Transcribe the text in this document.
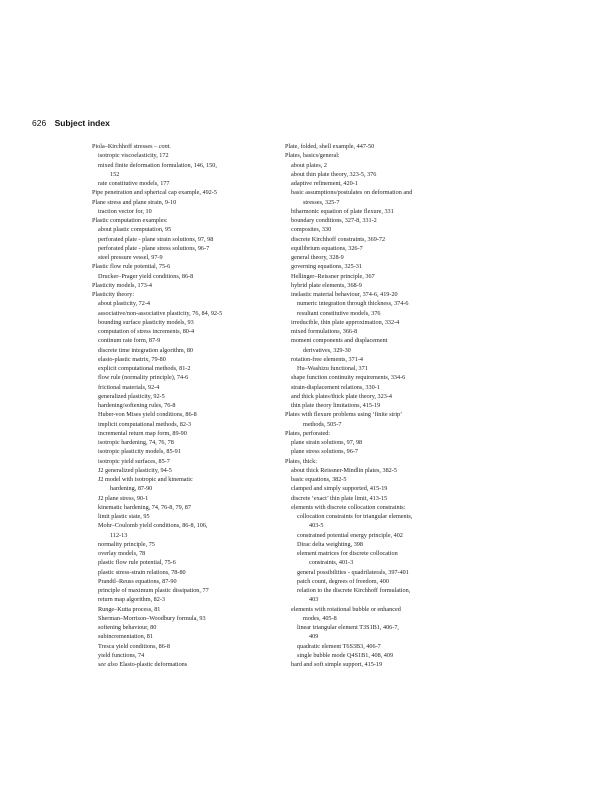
626 Subject index
Piola–Kirchhoff stresses – cont.
isotropic viscoelasticity, 172
mixed finite deformation formulation, 146, 150,
152
rate constitutive models, 177
Pipe penetration and spherical cap example, 492-5
Plane stress and plane strain, 9-10
traction vector for, 10
Plastic computation examples:
about plastic computation, 95
perforated plate - plane strain solutions, 97, 98
perforated plate - plane stress solutions, 96-7
steel pressure vessel, 97-9
Plastic flow rule potential, 75-6
Drucker–Prager yield conditions, 86-8
Plasticity models, 173-4
Plasticity theory:
about plasticity, 72-4
associative/non-associative plasticity, 76, 84, 92-5
bounding surface plasticity models, 93
computation of stress increments, 80-4
continum rate form, 87-9
discrete time integration algorithm, 80
elasto-plastic matrix, 79-80
explicit computational methods, 81-2
flow rule (normality principle), 74-6
frictional materials, 92-4
generalized plasticity, 92-5
hardening/softening rules, 76-8
Huber-von Mises yield conditions, 86-8
implicit computational methods, 82-3
incremental return map form, 89-90
isotropic hardening, 74, 76, 78
isotropic plasticity models, 85-91
isotropic yield surfaces, 85-7
J2 generalized plasticity, 94-5
J2 model with isotropic and kinematic
hardening, 87-90
J2 plane stress, 90-1
kinematic hardening, 74, 76-8, 79, 87
limit plastic state, 95
Mohr–Coulomb yield conditions, 86-8, 106,
112-13
normality principle, 75
overlay models, 78
plastic flow rule potential, 75-6
plastic stress-strain relations, 78-80
Prandtl–Reuss equations, 87-90
principle of maximum plastic dissipation, 77
return map algorithm, 82-3
Runge–Kutta process, 81
Sherman–Morrison–Woodbury formula, 93
softening behaviour, 80
subincrementation, 81
Tresca yield conditions, 86-8
yield functions, 74
see also Elasto-plastic deformations
Plate, folded, shell example, 447-50
Plates, basics/general:
about plates, 2
about thin plate theory, 323-5, 376
adaptive refinement, 420-1
basic assumptions/postulates on deformation and
stresses, 325-7
biharmonic equation of plate flexure, 331
boundary conditions, 327-8, 331-2
composites, 330
discrete Kirchhoff constraints, 369-72
equilibrium equations, 326-7
general theory, 328-9
governing equations, 325-31
Hellinger–Reissner principle, 367
hybrid plate elements, 368-9
inelastic material behaviour, 374-6, 419-20
numeric integration through thickness, 374-6
resultant constitutive models, 376
irreducible, thin plate approximation, 332-4
mixed formulations, 366-8
moment components and displacement
derivatives, 329-30
rotation-free elements, 371-4
Hu–Washizu functional, 371
shape function continuity requirements, 334-6
strain-displacement relations, 330-1
and thick plates/thick plate theory, 323-4
thin plate theory limitations, 415-19
Plates with flexure problems using ‘finite strip’
methods, 505-7
Plates, perforated:
plane strain solutions, 97, 98
plane stress solutions, 96-7
Plates, thick:
about thick Reissner-Mindlin plates, 382-5
basic equations, 382-5
clamped and simply supported, 415-19
discrete ‘exact’ thin plate limit, 413-15
elements with discrete collocation constraints:
collocation constraints for triangular elements,
403-5
constrained potential energy principle, 402
Dirac delta weighting, 398
element matrices for discrete collocation
constraints, 401-3
general possibilities - quadrilaterals, 397-401
patch count, degrees of freedom, 400
relation to the discrete Kirchhoff formulation,
403
elements with rotational bubble or enhanced
modes, 405-8
linear triangular element T3S1B1, 406-7,
409
quadratic element T6S3B3, 406-7
single bubble mode Q4S1B1, 408, 409
hard and soft simple support, 415-19
